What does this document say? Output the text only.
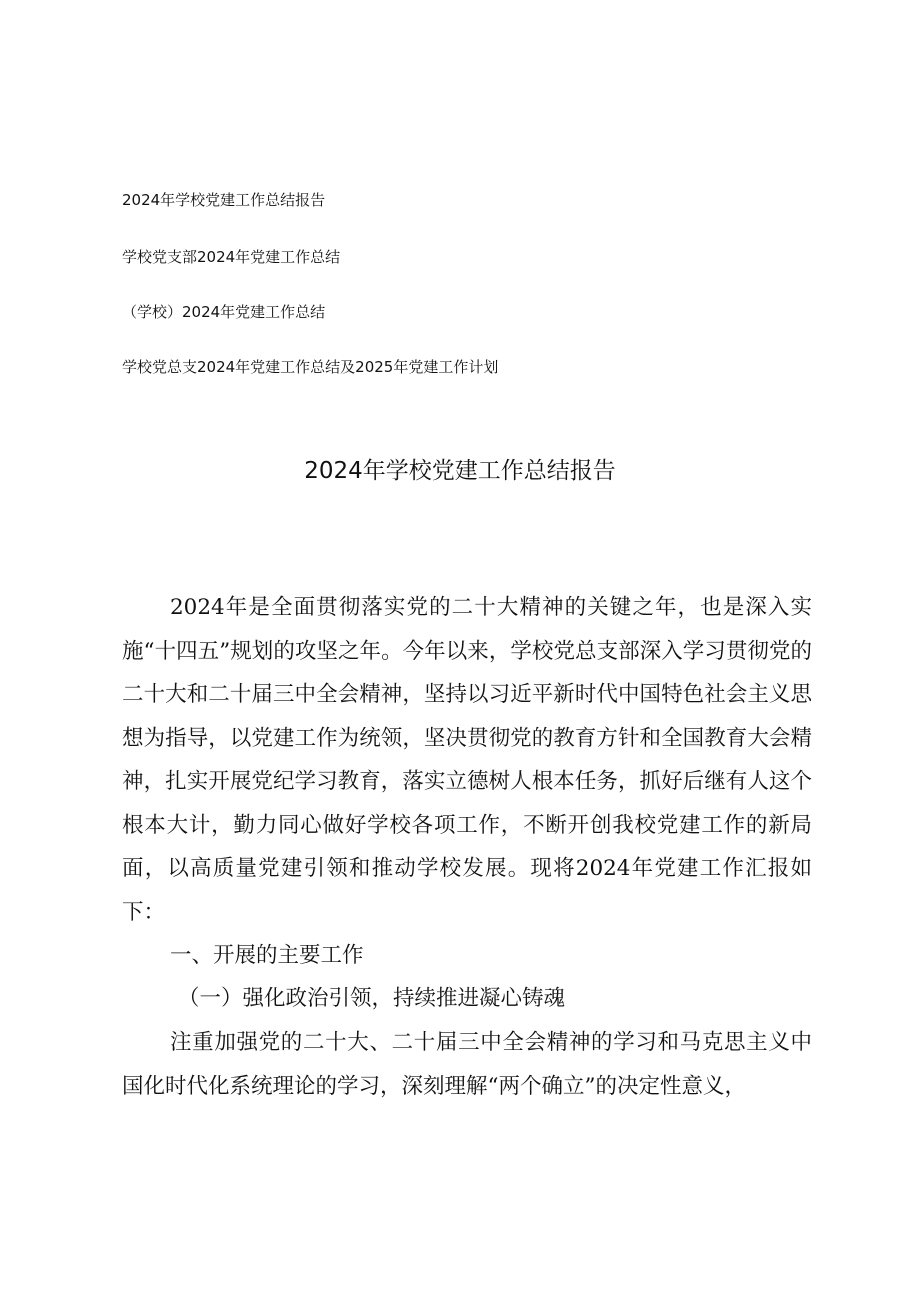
2024年学校党建工作总结报告
学校党支部2024年党建工作总结
（学校）2024年党建工作总结
学校党总支2024年党建工作总结及2025年党建工作计划
2024年学校党建工作总结报告

2024年是全面贯彻落实党的二十大精神的关键之年，也是深入实施“十四五”规划的攻坚之年。今年以来，学校党总支部深入学习贯彻党的二十大和二十届三中全会精神，坚持以习近平新时代中国特色社会主义思想为指导，以党建工作为统领，坚决贯彻党的教育方针和全国教育大会精神，扎实开展党纪学习教育，落实立德树人根本任务，抓好后继有人这个根本大计，勤力同心做好学校各项工作，不断开创我校党建工作的新局面，以高质量党建引领和推动学校发展。现将2024年党建工作汇报如下：

一、开展的主要工作
（一）强化政治引领，持续推进凝心铸魂

注重加强党的二十大、二十届三中全会精神的学习和马克思主义中国化时代化系统理论的学习，深刻理解“两个确立”的决定性意义，
